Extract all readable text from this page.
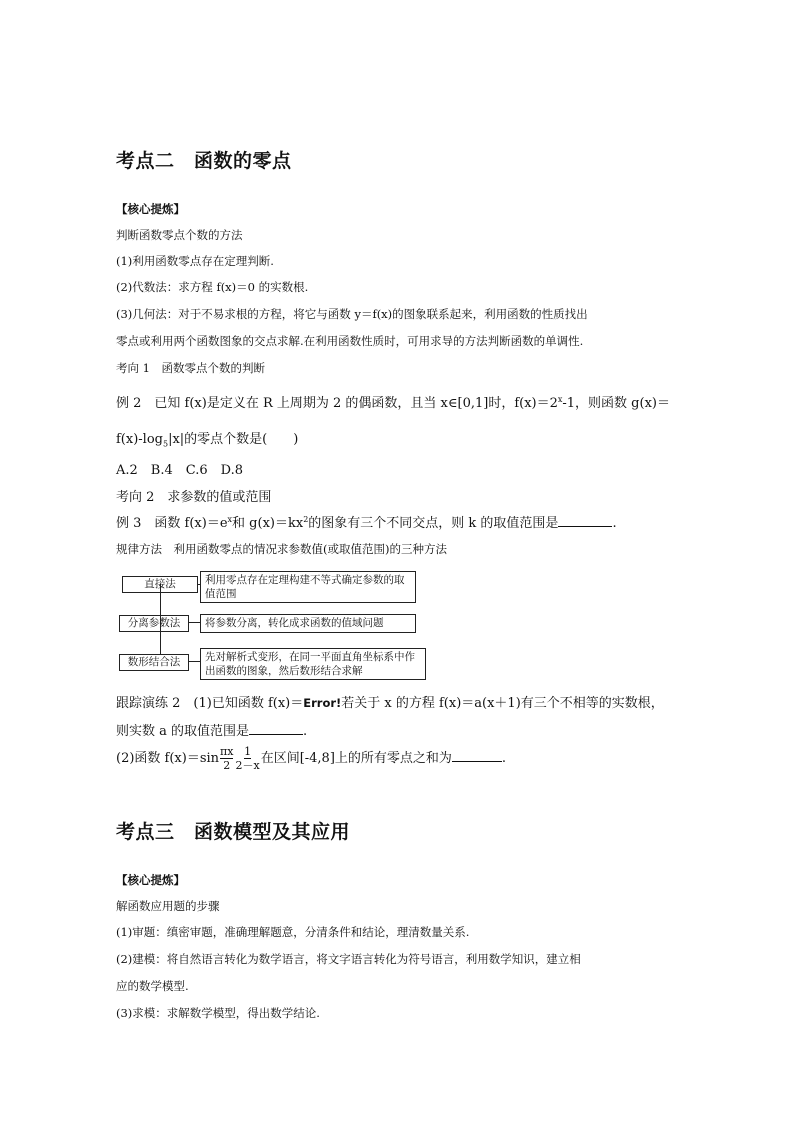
考点二　函数的零点
【核心提炼】
判断函数零点个数的方法
(1)利用函数零点存在定理判断.
(2)代数法：求方程 f(x)＝0 的实数根.
(3)几何法：对于不易求根的方程，将它与函数 y＝f(x)的图象联系起来，利用函数的性质找出
零点或利用两个函数图象的交点求解.在利用函数性质时，可用求导的方法判断函数的单调性.
考向 1　函数零点个数的判断
例 2　已知 f(x)是定义在 R 上周期为 2 的偶函数，且当 x∈[0,1]时，$f(x)=2^x-1$，则函数 g(x)＝
$f(x)-\log_5|x|$的零点个数是(　　)
A.2　B.4　C.6　D.8
考向 2　求参数的值或范围
例 3　函数 $f(x)=e^x$和 $g(x)=kx^2$的图象有三个不同交点，则 k 的取值范围是	.
规律方法　利用函数零点的情况求参数值(或取值范围)的三种方法
直接法
分离参数法
数形结合法
利用零点存在定理构建不等式确定参数的取值范围
将参数分离，转化成求函数的值域问题
先对解析式变形，在同一平面直角坐标系中作出函数的图象，然后数形结合求解
跟踪演练 2　(1)已知函数 f(x)＝Error!若关于 x 的方程 f(x)＝a(x＋1)有三个不相等的实数根，
则实数 a 的取值范围是	.
(2)函数 $f(x)=\sin \frac{\pi x}{2} \frac{1}{2-x}$ 在区间[-4,8]上的所有零点之和为	.
考点三　函数模型及其应用
【核心提炼】
解函数应用题的步骤
(1)审题：缜密审题，准确理解题意，分清条件和结论，理清数量关系.
(2)建模：将自然语言转化为数学语言，将文字语言转化为符号语言，利用数学知识，建立相
应的数学模型.
(3)求模：求解数学模型，得出数学结论.
